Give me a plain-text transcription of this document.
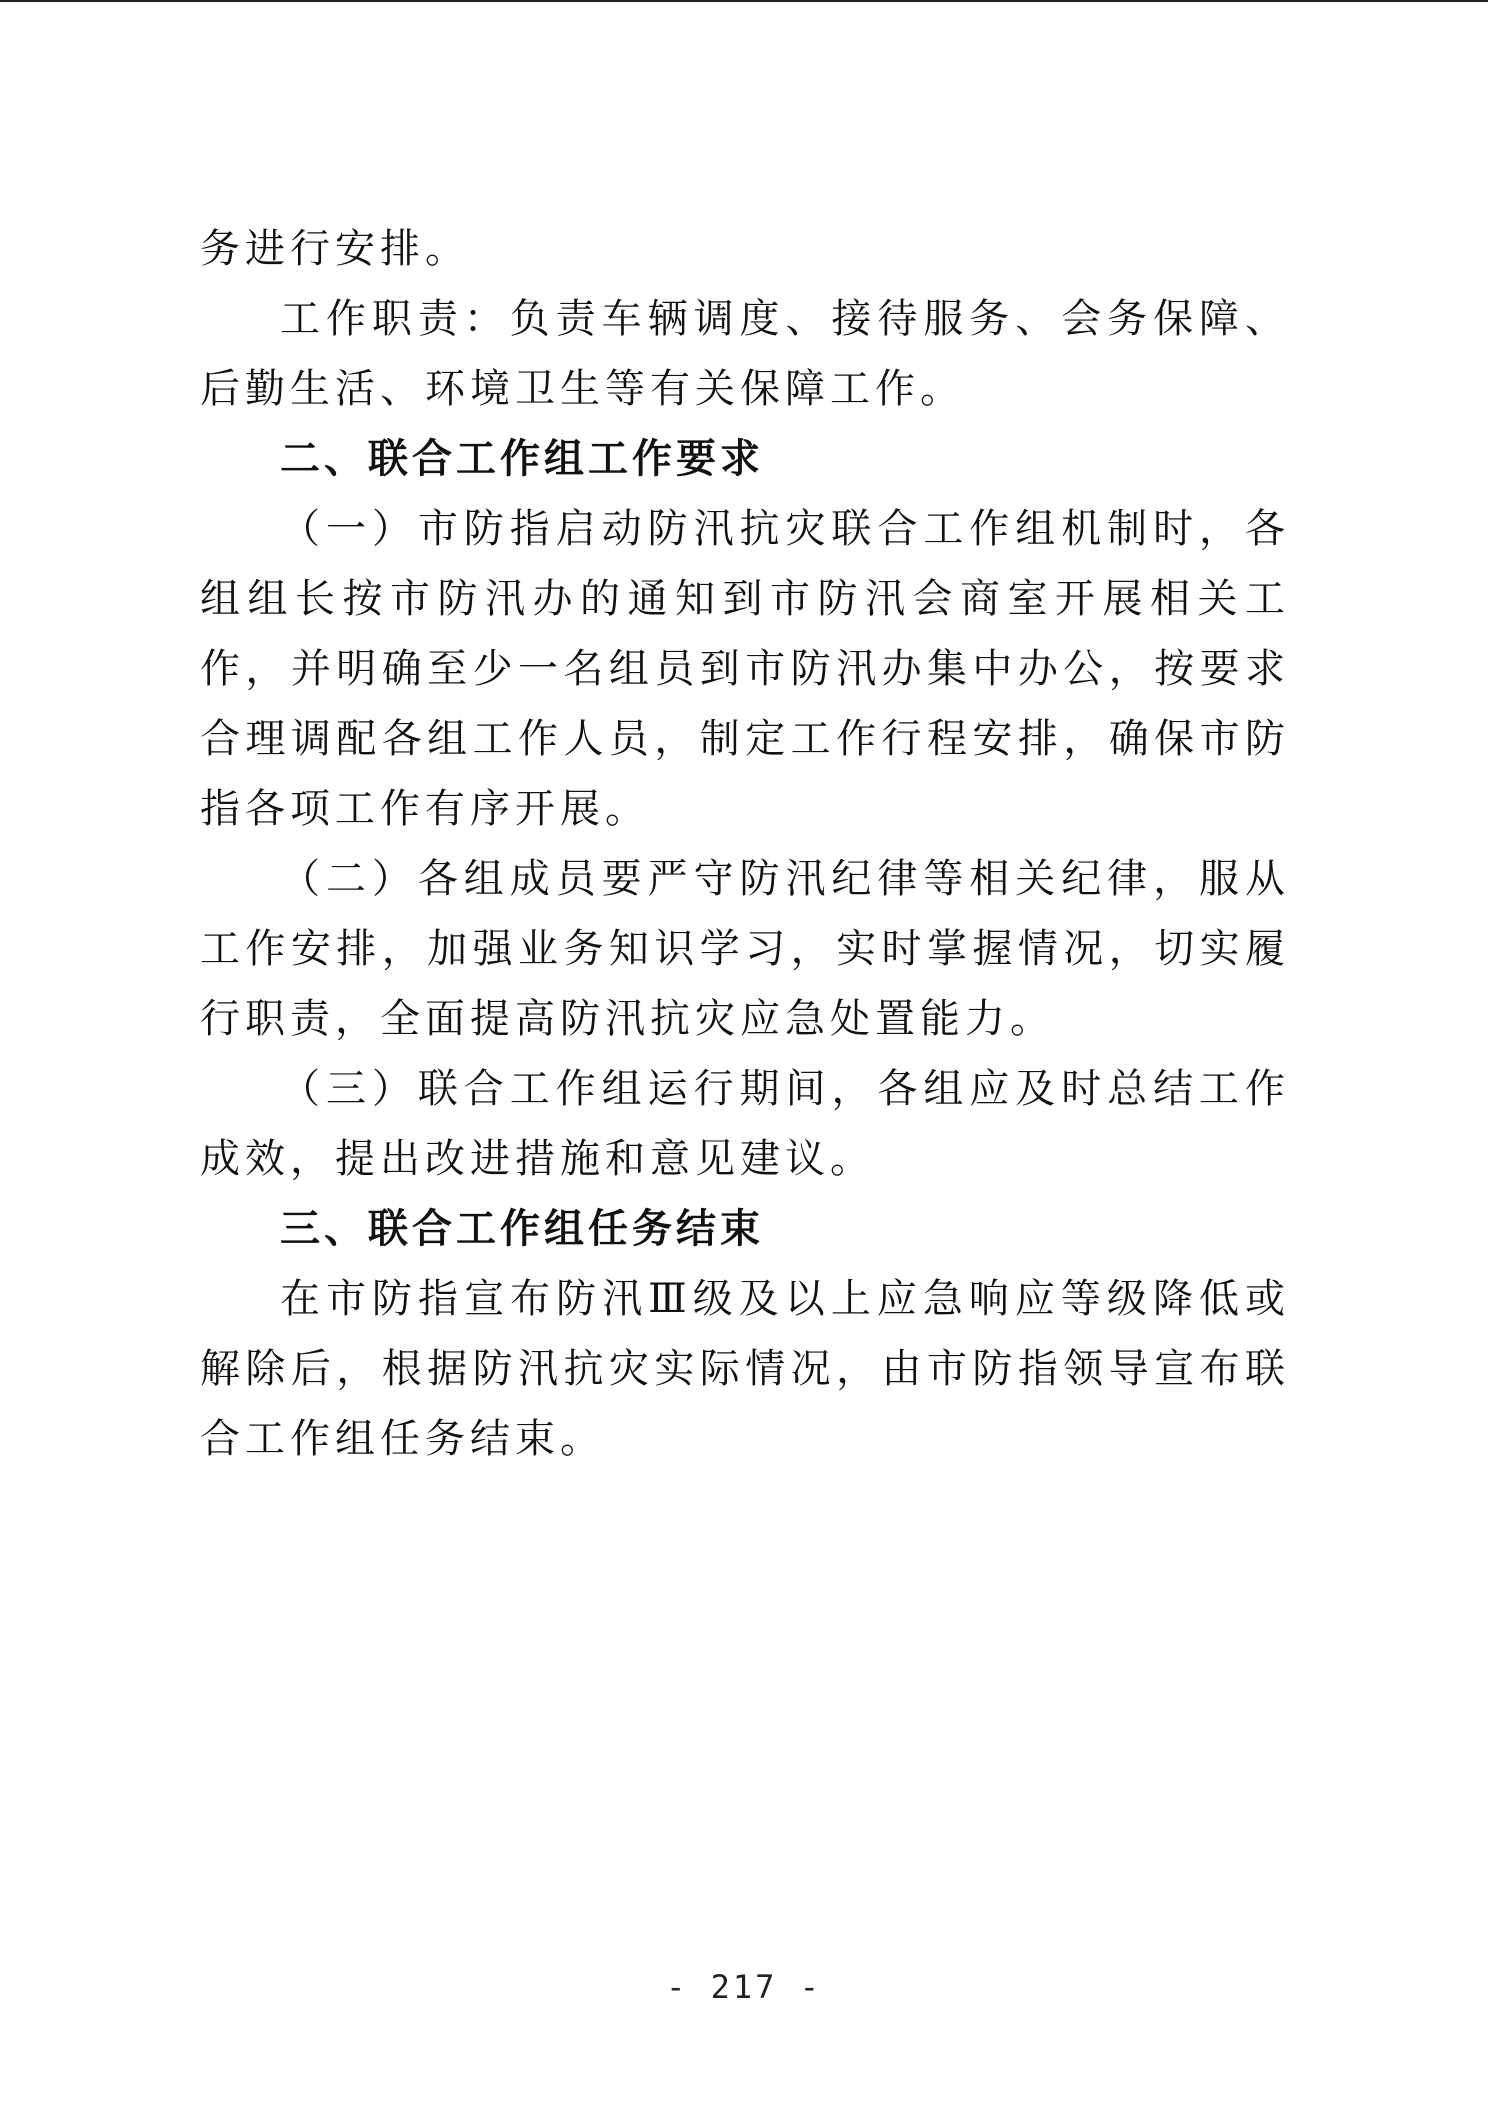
务进行安排。

工作职责：负责车辆调度、接待服务、会务保障、后勤生活、环境卫生等有关保障工作。

二、联合工作组工作要求

（一）市防指启动防汛抗灾联合工作组机制时，各组组长按市防汛办的通知到市防汛会商室开展相关工作，并明确至少一名组员到市防汛办集中办公，按要求合理调配各组工作人员，制定工作行程安排，确保市防指各项工作有序开展。

（二）各组成员要严守防汛纪律等相关纪律，服从工作安排，加强业务知识学习，实时掌握情况，切实履行职责，全面提高防汛抗灾应急处置能力。

（三）联合工作组运行期间，各组应及时总结工作成效，提出改进措施和意见建议。

三、联合工作组任务结束

在市防指宣布防汛Ⅲ级及以上应急响应等级降低或解除后，根据防汛抗灾实际情况，由市防指领导宣布联合工作组任务结束。

- 217 -
